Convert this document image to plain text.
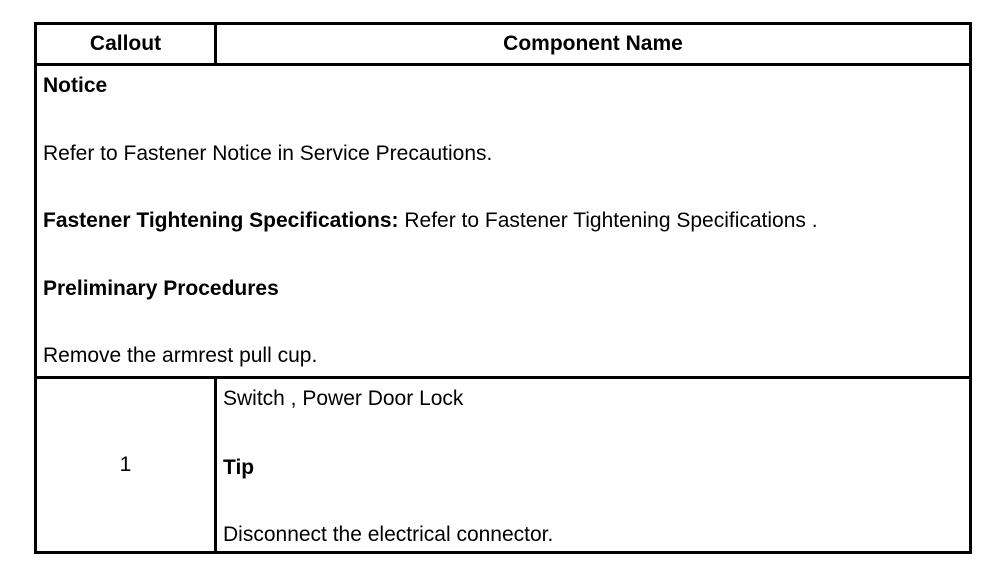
Callout	Component Name
Notice
Refer to Fastener Notice in Service Precautions.
Fastener Tightening Specifications: Refer to Fastener Tightening Specifications .
Preliminary Procedures
Remove the armrest pull cup.
1
Switch , Power Door Lock
Tip
Disconnect the electrical connector.
